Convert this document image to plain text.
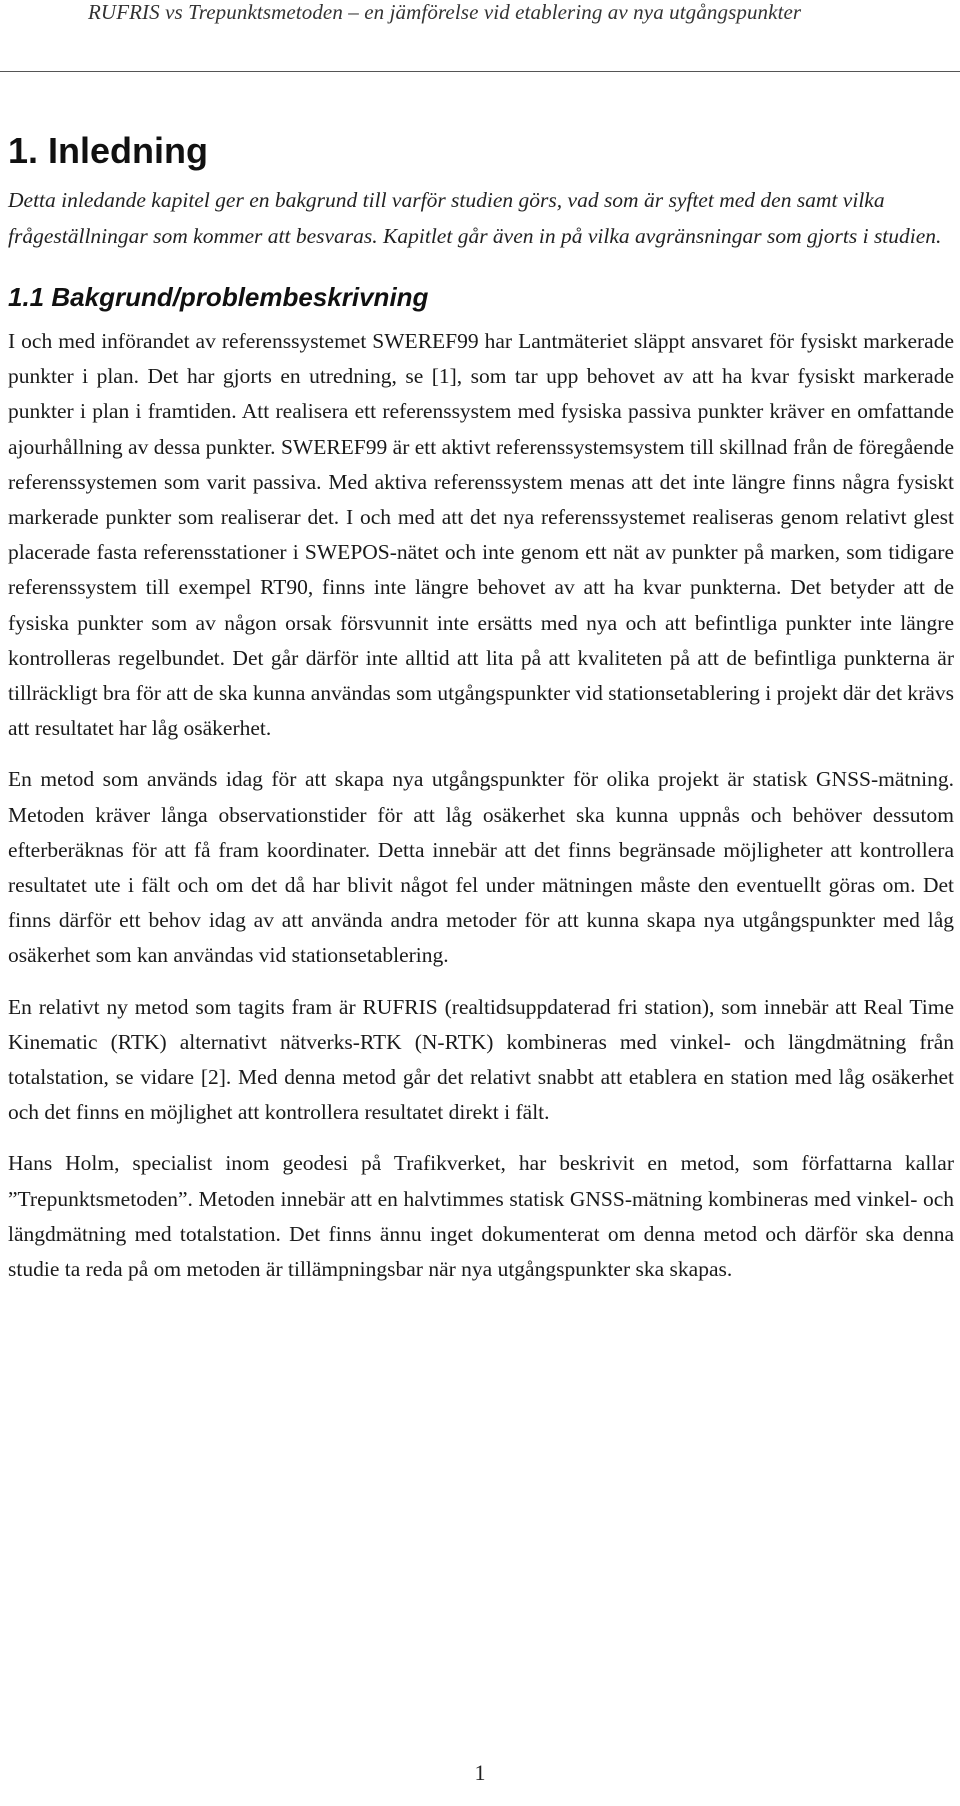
RUFRIS vs Trepunktsmetoden – en jämförelse vid etablering av nya utgångspunkter
1. Inledning

Detta inledande kapitel ger en bakgrund till varför studien görs, vad som är syftet med den samt vilka frågeställningar som kommer att besvaras. Kapitlet går även in på vilka avgränsningar som gjorts i studien.

1.1 Bakgrund/problembeskrivning

I och med införandet av referenssystemet SWEREF99 har Lantmäteriet släppt ansvaret för fysiskt markerade punkter i plan. Det har gjorts en utredning, se [1], som tar upp behovet av att ha kvar fysiskt markerade punkter i plan i framtiden. Att realisera ett referenssystem med fysiska passiva punkter kräver en omfattande ajourhållning av dessa punkter. SWEREF99 är ett aktivt referenssystemsystem till skillnad från de föregående referenssystemen som varit passiva. Med aktiva referenssystem menas att det inte längre finns några fysiskt markerade punkter som realiserar det. I och med att det nya referenssystemet realiseras genom relativt glest placerade fasta referensstationer i SWEPOS-nätet och inte genom ett nät av punkter på marken, som tidigare referenssystem till exempel RT90, finns inte längre behovet av att ha kvar punkterna. Det betyder att de fysiska punkter som av någon orsak försvunnit inte ersätts med nya och att befintliga punkter inte längre kontrolleras regelbundet. Det går därför inte alltid att lita på att kvaliteten på att de befintliga punkterna är tillräckligt bra för att de ska kunna användas som utgångspunkter vid stationsetablering i projekt där det krävs att resultatet har låg osäkerhet.

En metod som används idag för att skapa nya utgångspunkter för olika projekt är statisk GNSS-mätning. Metoden kräver långa observationstider för att låg osäkerhet ska kunna uppnås och behöver dessutom efterberäknas för att få fram koordinater. Detta innebär att det finns begränsade möjligheter att kontrollera resultatet ute i fält och om det då har blivit något fel under mätningen måste den eventuellt göras om. Det finns därför ett behov idag av att använda andra metoder för att kunna skapa nya utgångspunkter med låg osäkerhet som kan användas vid stationsetablering.

En relativt ny metod som tagits fram är RUFRIS (realtidsuppdaterad fri station), som innebär att Real Time Kinematic (RTK) alternativt nätverks-RTK (N-RTK) kombineras med vinkel- och längdmätning från totalstation, se vidare [2]. Med denna metod går det relativt snabbt att etablera en station med låg osäkerhet och det finns en möjlighet att kontrollera resultatet direkt i fält.

Hans Holm, specialist inom geodesi på Trafikverket, har beskrivit en metod, som författarna kallar ”Trepunktsmetoden”. Metoden innebär att en halvtimmes statisk GNSS-mätning kombineras med vinkel- och längdmätning med totalstation. Det finns ännu inget dokumenterat om denna metod och därför ska denna studie ta reda på om metoden är tillämpningsbar när nya utgångspunkter ska skapas.

1
